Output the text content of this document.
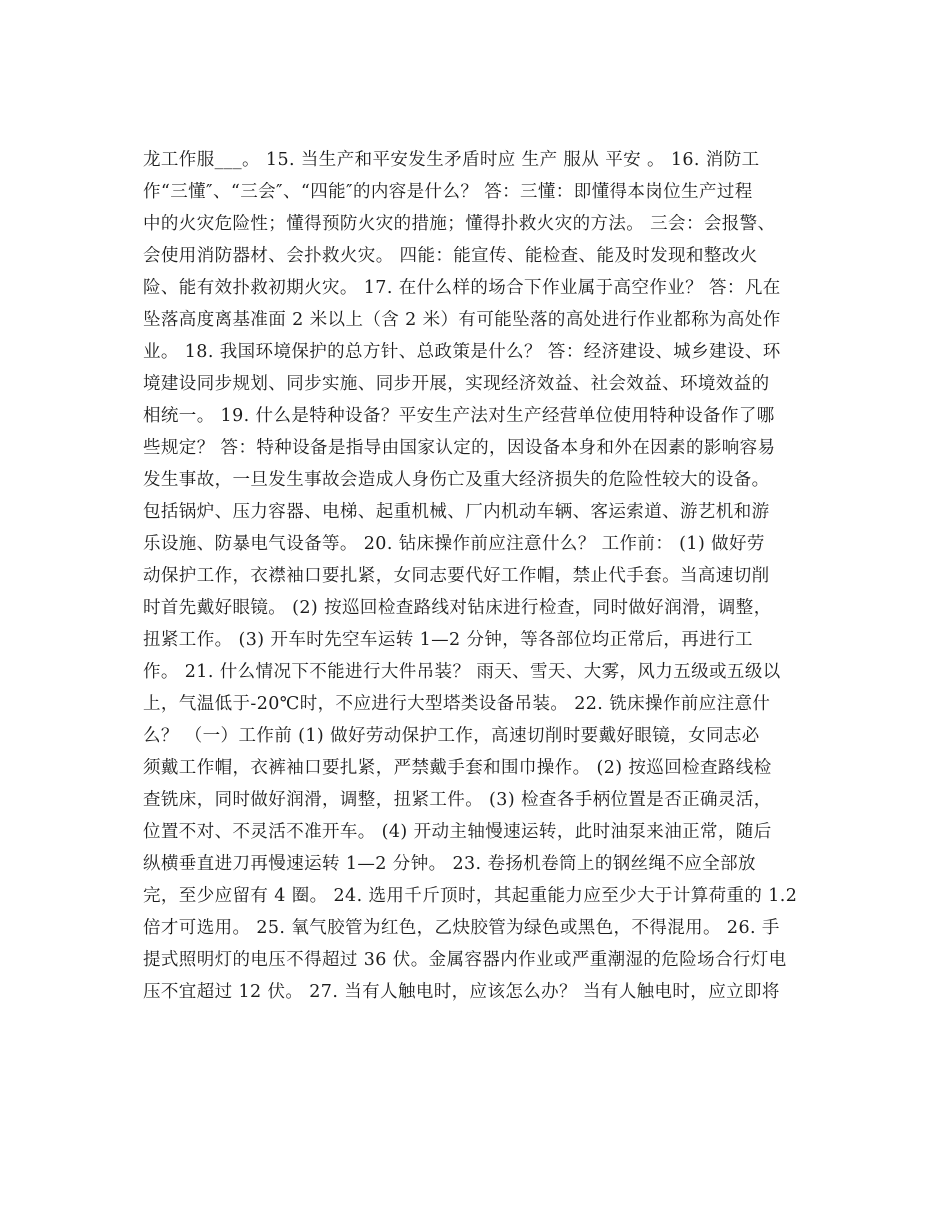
龙工作服___。 15. 当生产和平安发生矛盾时应 生产 服从 平安 。 16. 消防工
作“三懂″、“三会″、“四能″的内容是什么？ 答：三懂：即懂得本岗位生产过程
中的火灾危险性；懂得预防火灾的措施；懂得扑救火灾的方法。 三会：会报警、
会使用消防器材、会扑救火灾。 四能：能宣传、能检查、能及时发现和整改火
险、能有效扑救初期火灾。 17. 在什么样的场合下作业属于高空作业？ 答：凡在
坠落高度离基准面 2 米以上（含 2 米）有可能坠落的高处进行作业都称为高处作
业。 18. 我国环境保护的总方针、总政策是什么？ 答：经济建设、城乡建设、环
境建设同步规划、同步实施、同步开展，实现经济效益、社会效益、环境效益的
相统一。 19. 什么是特种设备？平安生产法对生产经营单位使用特种设备作了哪
些规定？ 答：特种设备是指导由国家认定的，因设备本身和外在因素的影响容易
发生事故，一旦发生事故会造成人身伤亡及重大经济损失的危险性较大的设备。
包括锅炉、压力容器、电梯、起重机械、厂内机动车辆、客运索道、游艺机和游
乐设施、防暴电气设备等。 20. 钻床操作前应注意什么？ 工作前： (1) 做好劳
动保护工作，衣襟袖口要扎紧，女同志要代好工作帽，禁止代手套。当高速切削
时首先戴好眼镜。 (2) 按巡回检查路线对钻床进行检查，同时做好润滑，调整，
扭紧工作。 (3) 开车时先空车运转 1—2 分钟，等各部位均正常后，再进行工
作。 21. 什么情况下不能进行大件吊装？ 雨天、雪天、大雾，风力五级或五级以
上，气温低于-20℃时，不应进行大型塔类设备吊装。 22. 铣床操作前应注意什
么？ （一）工作前 (1) 做好劳动保护工作，高速切削时要戴好眼镜，女同志必
须戴工作帽，衣裤袖口要扎紧，严禁戴手套和围巾操作。 (2) 按巡回检查路线检
查铣床，同时做好润滑，调整，扭紧工件。 (3) 检查各手柄位置是否正确灵活，
位置不对、不灵活不准开车。 (4) 开动主轴慢速运转，此时油泵来油正常，随后
纵横垂直进刀再慢速运转 1—2 分钟。 23. 卷扬机卷筒上的钢丝绳不应全部放
完，至少应留有 4 圈。 24. 选用千斤顶时，其起重能力应至少大于计算荷重的 1.2
倍才可选用。 25. 氧气胶管为红色，乙炔胶管为绿色或黑色，不得混用。 26. 手
提式照明灯的电压不得超过 36 伏。金属容器内作业或严重潮湿的危险场合行灯电
压不宜超过 12 伏。 27. 当有人触电时，应该怎么办？ 当有人触电时，应立即将
